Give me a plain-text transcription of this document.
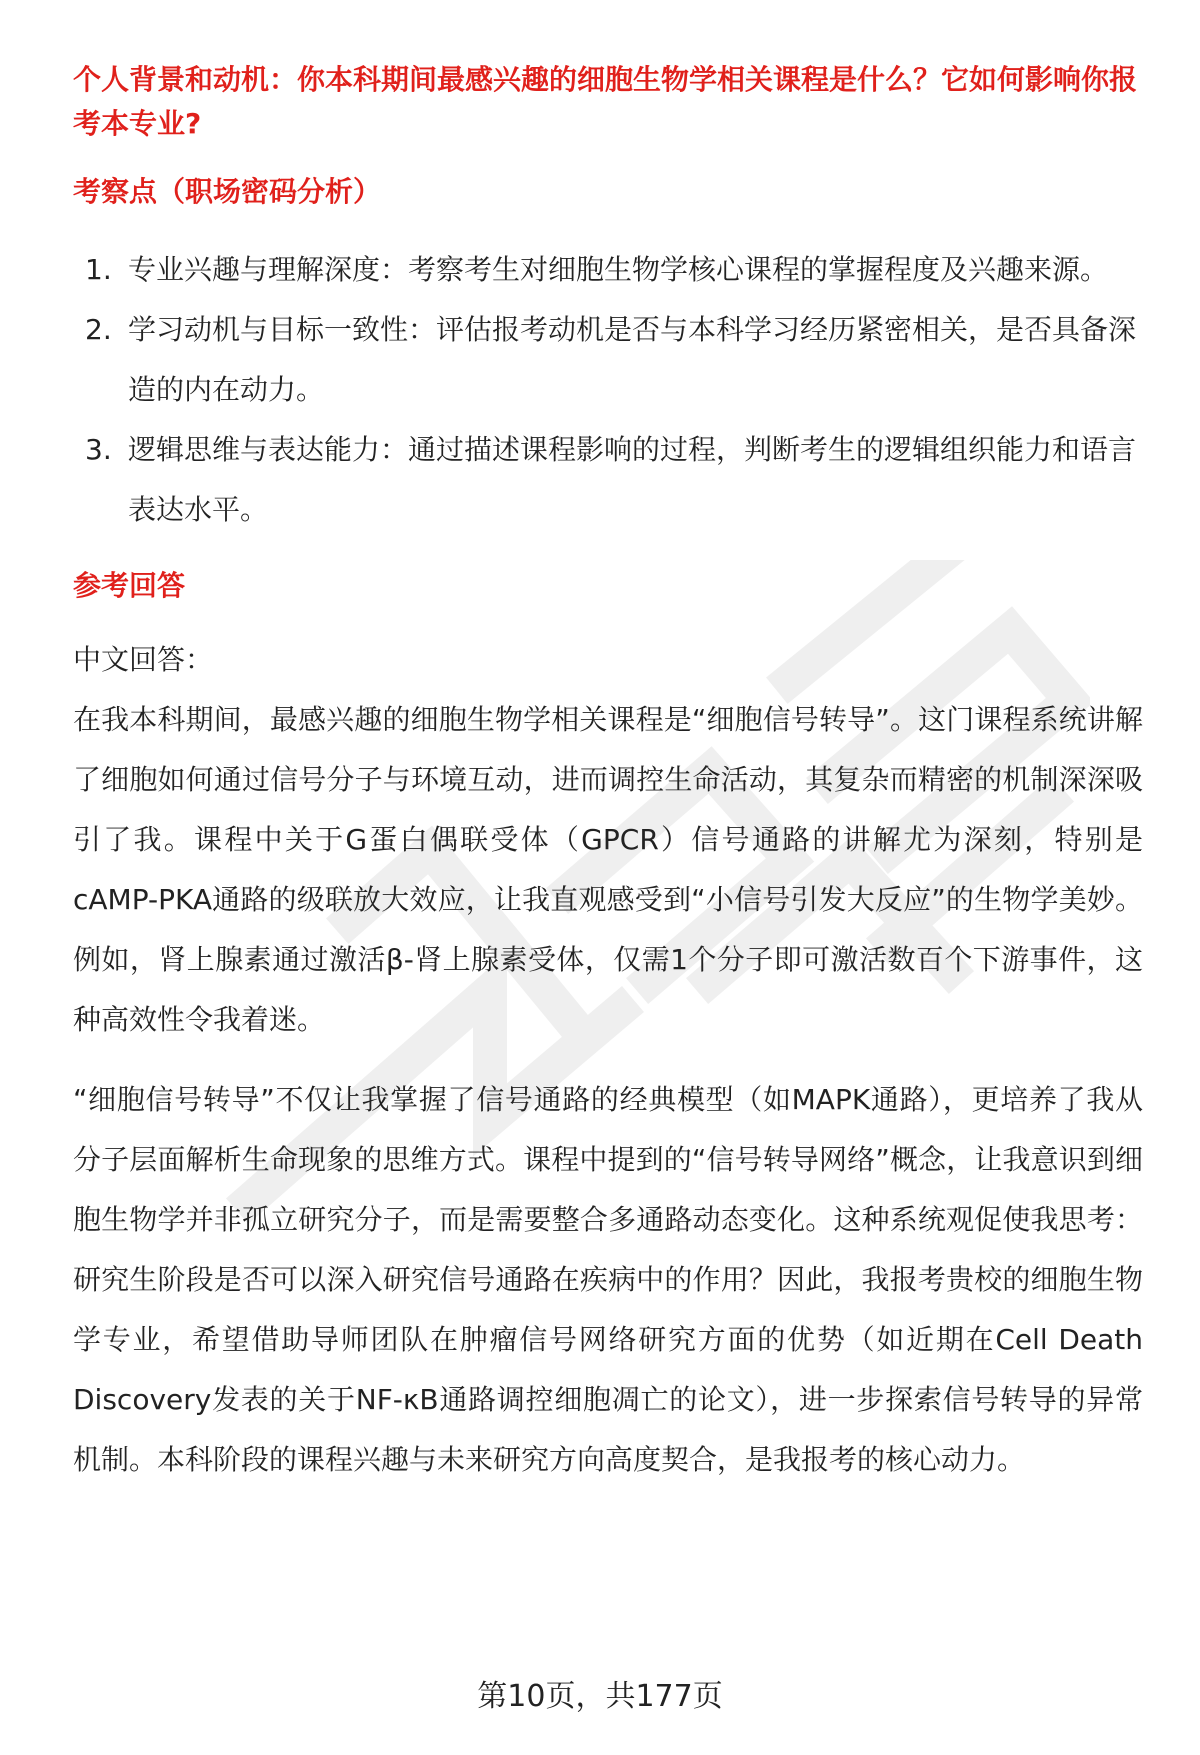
个人背景和动机：你本科期间最感兴趣的细胞生物学相关课程是什么？它如何影响你报考本专业?

考察点（职场密码分析）

1. 专业兴趣与理解深度：考察考生对细胞生物学核心课程的掌握程度及兴趣来源。
2. 学习动机与目标一致性：评估报考动机是否与本科学习经历紧密相关，是否具备深造的内在动力。
3. 逻辑思维与表达能力：通过描述课程影响的过程，判断考生的逻辑组织能力和语言表达水平。

参考回答

中文回答：
在我本科期间，最感兴趣的细胞生物学相关课程是“细胞信号转导”。这门课程系统讲解了细胞如何通过信号分子与环境互动，进而调控生命活动，其复杂而精密的机制深深吸引了我。课程中关于G蛋白偶联受体（GPCR）信号通路的讲解尤为深刻，特别是cAMP-PKA通路的级联放大效应，让我直观感受到“小信号引发大反应”的生物学美妙。例如，肾上腺素通过激活β-肾上腺素受体，仅需1个分子即可激活数百个下游事件，这种高效性令我着迷。

“细胞信号转导”不仅让我掌握了信号通路的经典模型（如MAPK通路），更培养了我从分子层面解析生命现象的思维方式。课程中提到的“信号转导网络”概念，让我意识到细胞生物学并非孤立研究分子，而是需要整合多通路动态变化。这种系统观促使我思考：研究生阶段是否可以深入研究信号通路在疾病中的作用？因此，我报考贵校的细胞生物学专业，希望借助导师团队在肿瘤信号网络研究方面的优势（如近期在Cell Death Discovery发表的关于NF-κB通路调控细胞凋亡的论文），进一步探索信号转导的异常机制。本科阶段的课程兴趣与未来研究方向高度契合，是我报考的核心动力。

第10页，共177页
